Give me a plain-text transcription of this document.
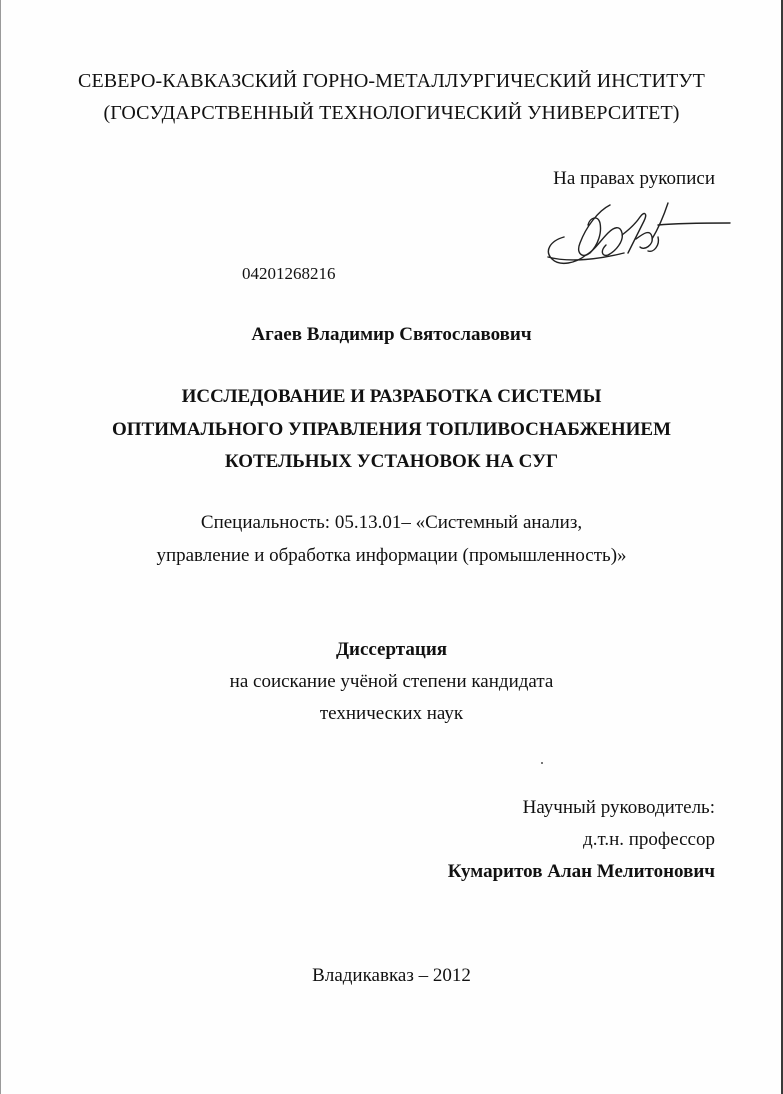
СЕВЕРО-КАВКАЗСКИЙ ГОРНО-МЕТАЛЛУРГИЧЕСКИЙ ИНСТИТУТ
(ГОСУДАРСТВЕННЫЙ ТЕХНОЛОГИЧЕСКИЙ УНИВЕРСИТЕТ)
На правах рукописи
04201268216
Агаев Владимир Святославович
ИССЛЕДОВАНИЕ И РАЗРАБОТКА СИСТЕМЫ
ОПТИМАЛЬНОГО УПРАВЛЕНИЯ ТОПЛИВОСНАБЖЕНИЕМ
КОТЕЛЬНЫХ УСТАНОВОК НА СУГ
Специальность: 05.13.01– «Системный анализ,
управление и обработка информации (промышленность)»
Диссертация
на соискание учёной степени кандидата
технических наук
Научный руководитель:
д.т.н. профессор
Кумаритов Алан Мелитонович
Владикавказ – 2012
